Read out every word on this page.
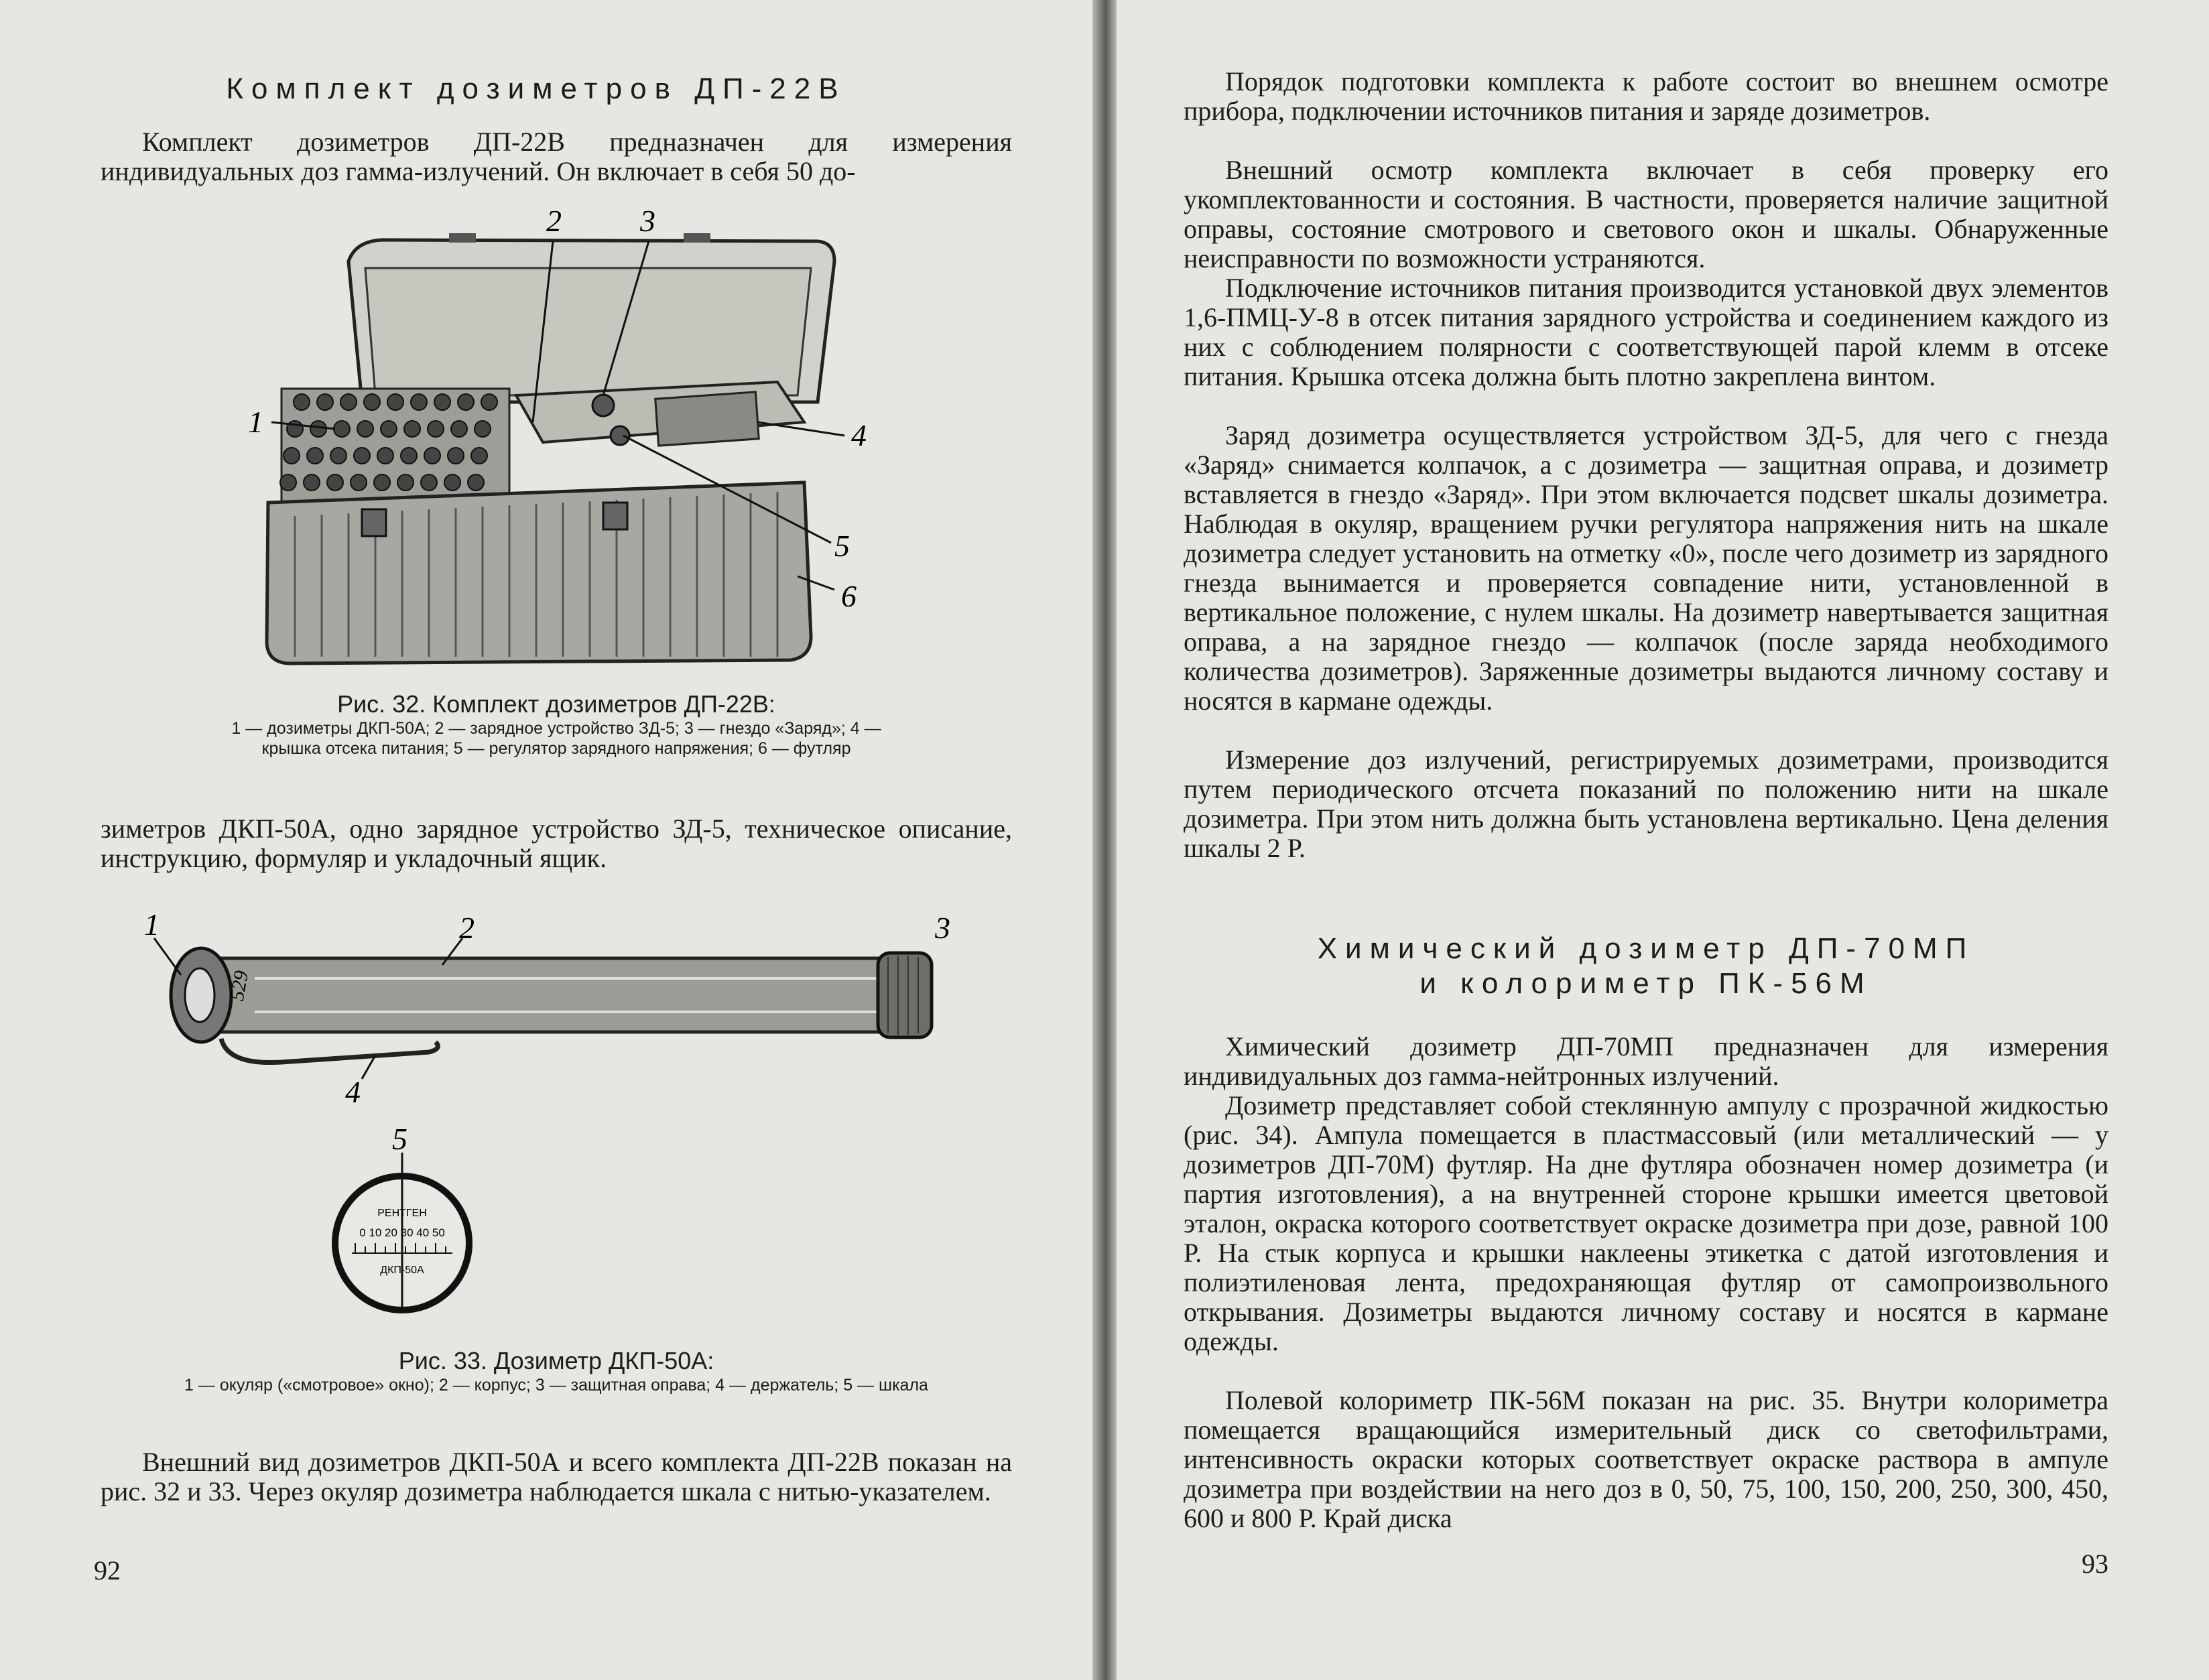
Комплект дозиметров ДП-22В
Комплект дозиметров ДП-22В предназначен для измерения индивидуальных доз гамма-излучений. Он включает в себя 50 до-
1
2	3
4
5
6
Рис. 32. Комплект дозиметров ДП-22В:
1 — дозиметры ДКП-50А; 2 — зарядное устройство ЗД-5; 3 — гнездо «Заряд»; 4 — крышка отсека питания; 5 — регулятор зарядного напряжения; 6 — футляр
зиметров ДКП-50А, одно зарядное устройство ЗД-5, техническое описание, инструкцию, формуляр и укладочный ящик.
529
1	2	3
4
5
РЕНТГЕН
0 10 20 30 40 50
ДКП-50А
Рис. 33. Дозиметр ДКП-50А:
1 — окуляр («смотровое» окно); 2 — корпус; 3 — защитная оправа; 4 — держатель; 5 — шкала
Внешний вид дозиметров ДКП-50А и всего комплекта ДП-22В показан на рис. 32 и 33. Через окуляр дозиметра наблюдается шкала с нитью-указателем.
92
Порядок подготовки комплекта к работе состоит во внешнем осмотре прибора, подключении источников питания и заряде дозиметров.
Внешний осмотр комплекта включает в себя проверку его укомплектованности и состояния. В частности, проверяется наличие защитной оправы, состояние смотрового и светового окон и шкалы. Обнаруженные неисправности по возможности устраняются.
Подключение источников питания производится установкой двух элементов 1,6-ПМЦ-У-8 в отсек питания зарядного устройства и соединением каждого из них с соблюдением полярности с соответствующей парой клемм в отсеке питания. Крышка отсека должна быть плотно закреплена винтом.
Заряд дозиметра осуществляется устройством ЗД-5, для чего с гнезда «Заряд» снимается колпачок, а с дозиметра — защитная оправа, и дозиметр вставляется в гнездо «Заряд». При этом включается подсвет шкалы дозиметра. Наблюдая в окуляр, вращением ручки регулятора напряжения нить на шкале дозиметра следует установить на отметку «0», после чего дозиметр из зарядного гнезда вынимается и проверяется совпадение нити, установленной в вертикальное положение, с нулем шкалы. На дозиметр навертывается защитная оправа, а на зарядное гнездо — колпачок (после заряда необходимого количества дозиметров). Заряженные дозиметры выдаются личному составу и носятся в кармане одежды.
Измерение доз излучений, регистрируемых дозиметрами, производится путем периодического отсчета показаний по положению нити на шкале дозиметра. При этом нить должна быть установлена вертикально. Цена деления шкалы 2 Р.
Химический дозиметр ДП-70МП
и колориметр ПК-56М
Химический дозиметр ДП-70МП предназначен для измерения индивидуальных доз гамма-нейтронных излучений.
Дозиметр представляет собой стеклянную ампулу с прозрачной жидкостью (рис. 34). Ампула помещается в пластмассовый (или металлический — у дозиметров ДП-70М) футляр. На дне футляра обозначен номер дозиметра (и партия изготовления), а на внутренней стороне крышки имеется цветовой эталон, окраска которого соответствует окраске дозиметра при дозе, равной 100 Р. На стык корпуса и крышки наклеены этикетка с датой изготовления и полиэтиленовая лента, предохраняющая футляр от самопроизвольного открывания. Дозиметры выдаются личному составу и носятся в кармане одежды.
Полевой колориметр ПК-56М показан на рис. 35. Внутри колориметра помещается вращающийся измерительный диск со светофильтрами, интенсивность окраски которых соответствует окраске раствора в ампуле дозиметра при воздействии на него доз в 0, 50, 75, 100, 150, 200, 250, 300, 450, 600 и 800 Р. Край диска
93
